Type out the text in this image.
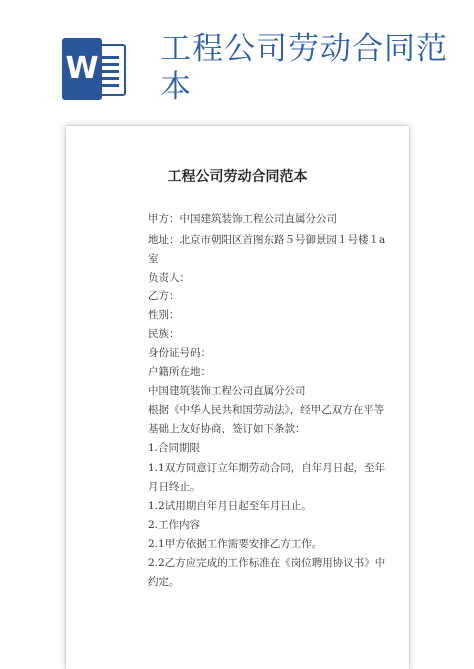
W
工程公司劳动合同范本
工程公司劳动合同范本
甲方：中国建筑装饰工程公司直属分公司
地址：北京市朝阳区首图东路５号御景园１号楼１a
室
负责人：
乙方：
性别：
民族：
身份证号码：
户籍所在地：
中国建筑装饰工程公司直属分公司
根据《中华人民共和国劳动法》，经甲乙双方在平等
基础上友好协商，签订如下条款：
1.合同期限
1.1双方同意订立年期劳动合同，自年月日起，至年
月日终止。
1.2试用期自年月日起至年月日止。
2.工作内容
2.1甲方依据工作需要安排乙方工作。
2.2乙方应完成的工作标准在《岗位聘用协议书》中
约定。
